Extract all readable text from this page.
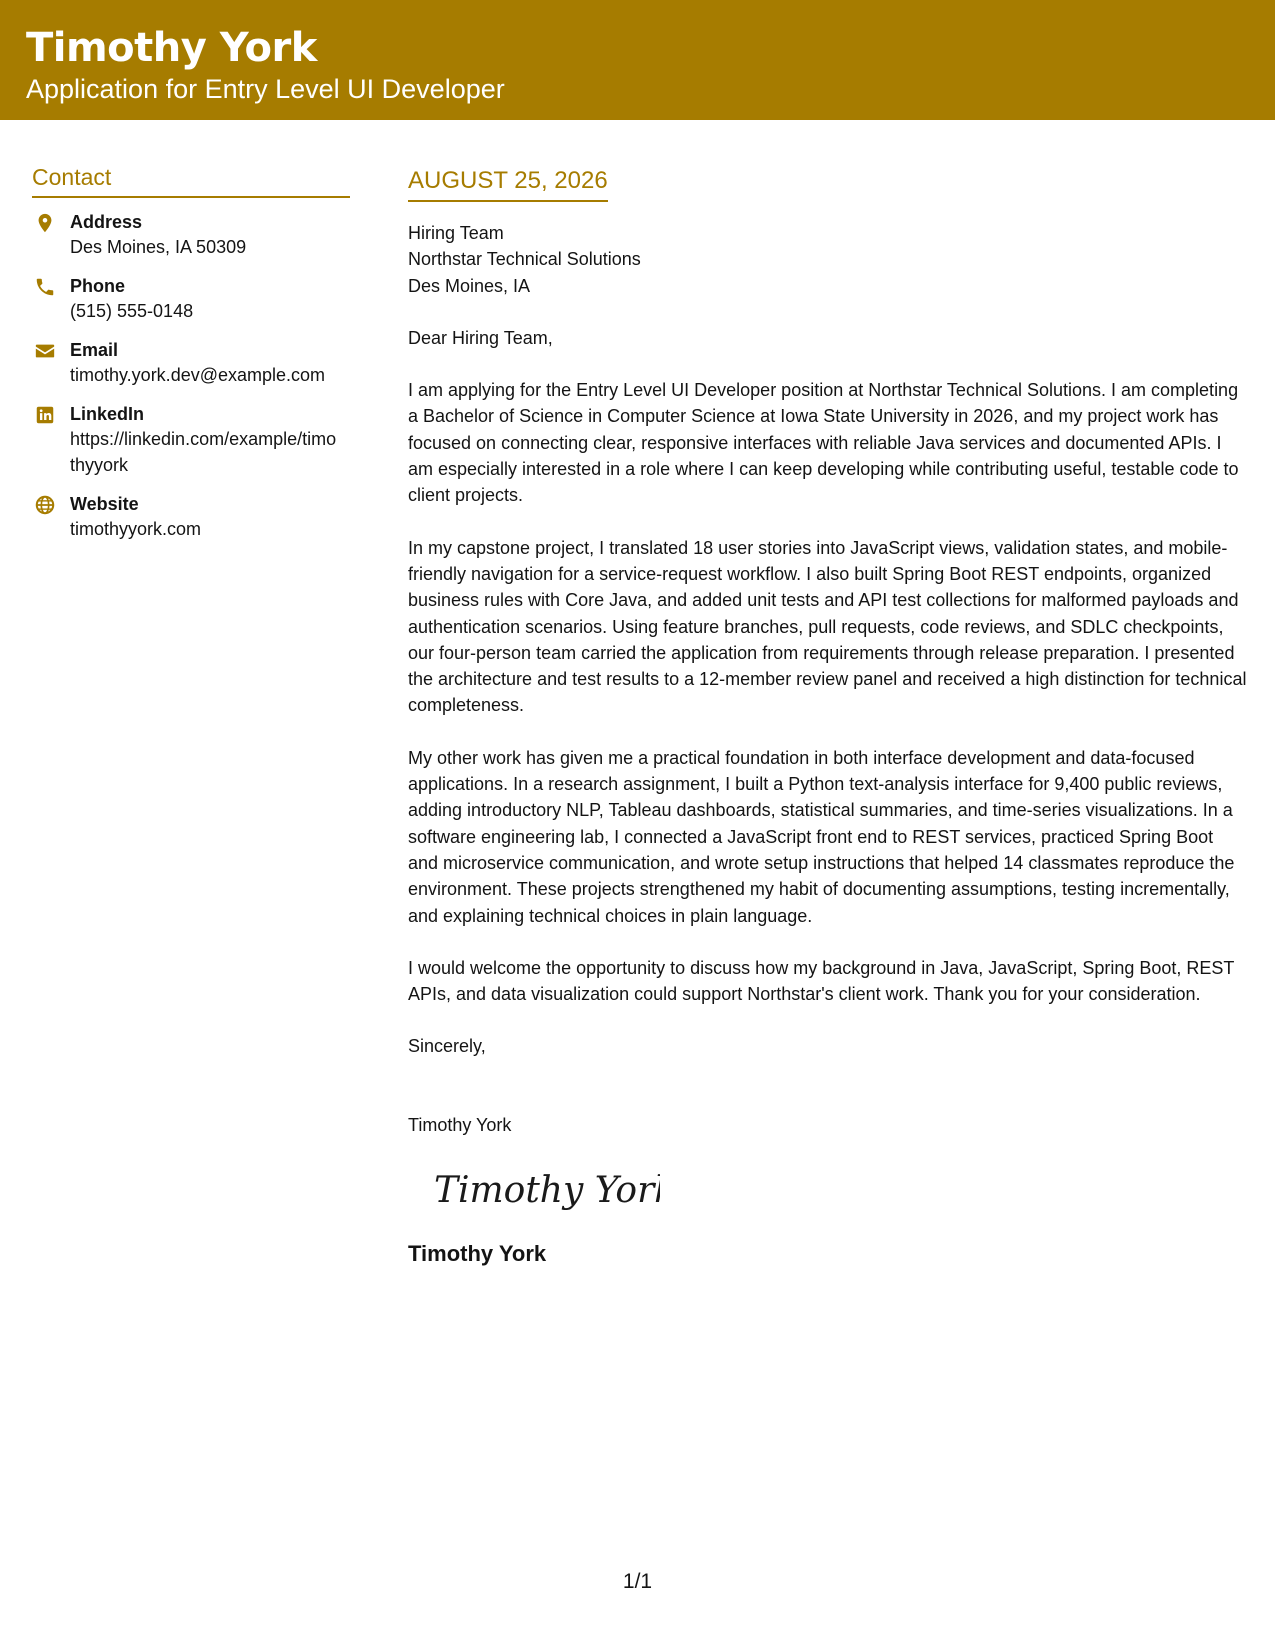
Timothy York
Application for Entry Level UI Developer
Contact
Address
Des Moines, IA 50309
Phone
(515) 555-0148
Email
timothy.york.dev@example.com
LinkedIn
https://linkedin.com/example/timothyyork
Website
timothyyork.com
AUGUST 25, 2026

Hiring Team

Northstar Technical Solutions

Des Moines, IA

Dear Hiring Team,

I am applying for the Entry Level UI Developer position at Northstar Technical Solutions. I am completing a Bachelor of Science in Computer Science at Iowa State University in 2026, and my project work has focused on connecting clear, responsive interfaces with reliable Java services and documented APIs. I am especially interested in a role where I can keep developing while contributing useful, testable code to client projects.

In my capstone project, I translated 18 user stories into JavaScript views, validation states, and mobile-friendly navigation for a service-request workflow. I also built Spring Boot REST endpoints, organized business rules with Core Java, and added unit tests and API test collections for malformed payloads and authentication scenarios. Using feature branches, pull requests, code reviews, and SDLC checkpoints, our four-person team carried the application from requirements through release preparation. I presented the architecture and test results to a 12-member review panel and received a high distinction for technical completeness.

My other work has given me a practical foundation in both interface development and data-focused applications. In a research assignment, I built a Python text-analysis interface for 9,400 public reviews, adding introductory NLP, Tableau dashboards, statistical summaries, and time-series visualizations. In a software engineering lab, I connected a JavaScript front end to REST services, practiced Spring Boot and microservice communication, and wrote setup instructions that helped 14 classmates reproduce the environment. These projects strengthened my habit of documenting assumptions, testing incrementally, and explaining technical choices in plain language.

I would welcome the opportunity to discuss how my background in Java, JavaScript, Spring Boot, REST APIs, and data visualization could support Northstar's client work. Thank you for your consideration.

Sincerely,

Timothy York

Timothy York
Timothy York
1/1
